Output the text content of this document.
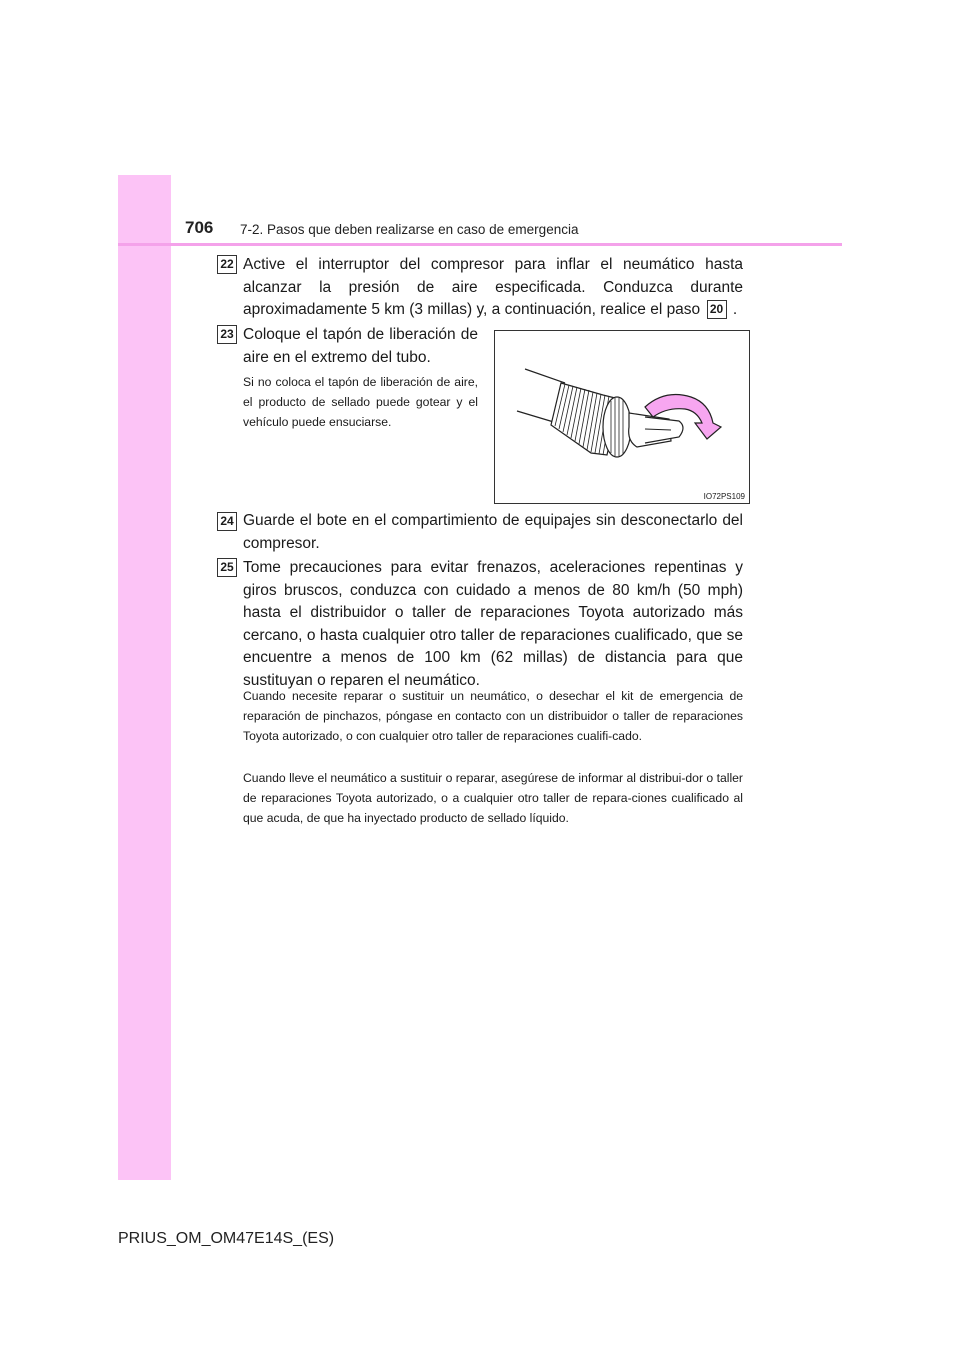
706 7-2. Pasos que deben realizarse en caso de emergencia
22 Active el interruptor del compresor para inflar el neumático hasta alcanzar la presión de aire especificada. Conduzca durante aproximadamente 5 km (3 millas) y, a continuación, realice el paso 20 .

23 Coloque el tapón de liberación de aire en el extremo del tubo.

Si no coloca el tapón de liberación de aire, el producto de sellado puede gotear y el vehículo puede ensuciarse.

IO72PS109
24 Guarde el bote en el compartimiento de equipajes sin desconectarlo del compresor.

25 Tome precauciones para evitar frenazos, aceleraciones repentinas y giros bruscos, conduzca con cuidado a menos de 80 km/h (50 mph) hasta el distribuidor o taller de reparaciones Toyota autorizado más cercano, o hasta cualquier otro taller de reparaciones cualificado, que se encuentre a menos de 100 km (62 millas) de distancia para que sustituyan o reparen el neumático.

Cuando necesite reparar o sustituir un neumático, o desechar el kit de emergencia de reparación de pinchazos, póngase en contacto con un distribuidor o taller de reparaciones Toyota autorizado, o con cualquier otro taller de reparaciones cualifi-cado.

Cuando lleve el neumático a sustituir o reparar, asegúrese de informar al distribui-dor o taller de reparaciones Toyota autorizado, o a cualquier otro taller de repara-ciones cualificado al que acuda, de que ha inyectado producto de sellado líquido.

PRIUS_OM_OM47E14S_(ES)
